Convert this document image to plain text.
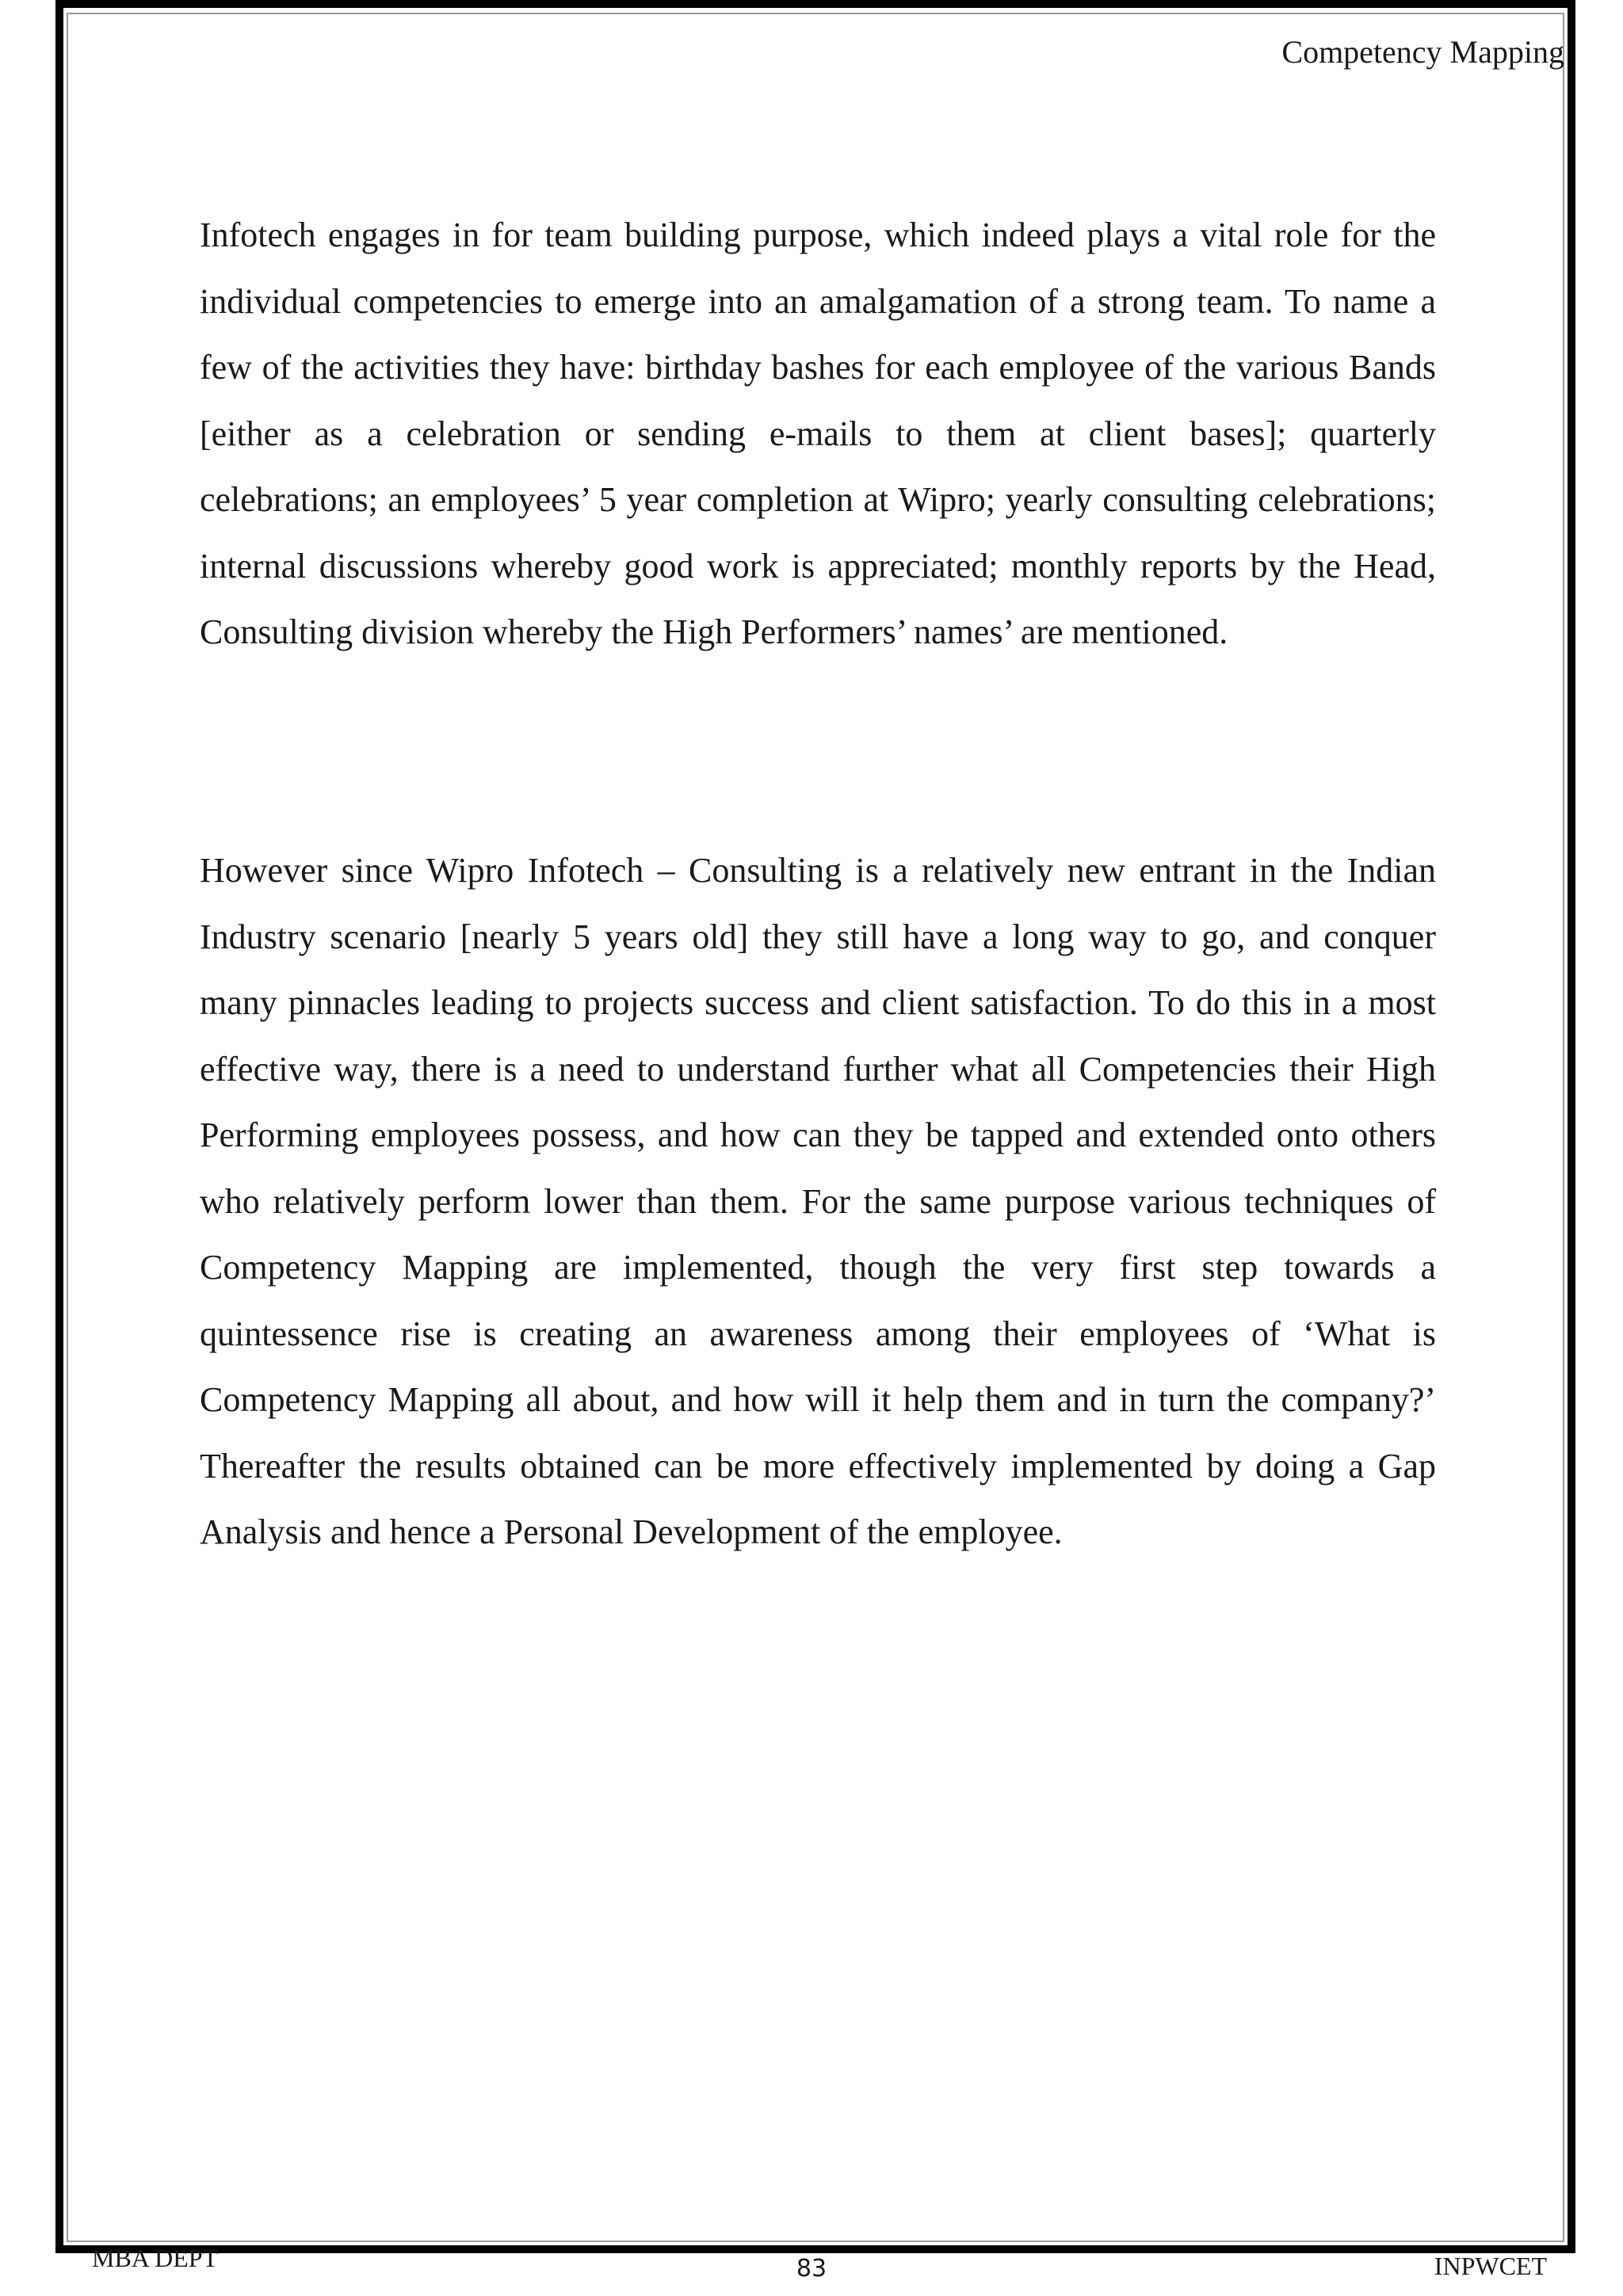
Competency Mapping

Infotech engages in for team building purpose, which indeed plays a vital role for the individual competencies to emerge into an amalgamation of a strong team. To name a few of the activities they have: birthday bashes for each employee of the various Bands [either as a celebration or sending e-mails to them at client bases]; quarterly celebrations; an employees’ 5 year completion at Wipro; yearly consulting celebrations; internal discussions whereby good work is appreciated; monthly reports by the Head, Consulting division whereby the High Performers’ names’ are mentioned.

However since Wipro Infotech – Consulting is a relatively new entrant in the Indian Industry scenario [nearly 5 years old] they still have a long way to go, and conquer many pinnacles leading to projects success and client satisfaction. To do this in a most effective way, there is a need to understand further what all Competencies their High Performing employees possess, and how can they be tapped and extended onto others who relatively perform lower than them. For the same purpose various techniques of Competency Mapping are implemented, though the very first step towards a quintessence rise is creating an awareness among their employees of ‘What is Competency Mapping all about, and how will it help them and in turn the company?’ Thereafter the results obtained can be more effectively implemented by doing a Gap Analysis and hence a Personal Development of the employee.

MBA DEPT	83	INPWCET
